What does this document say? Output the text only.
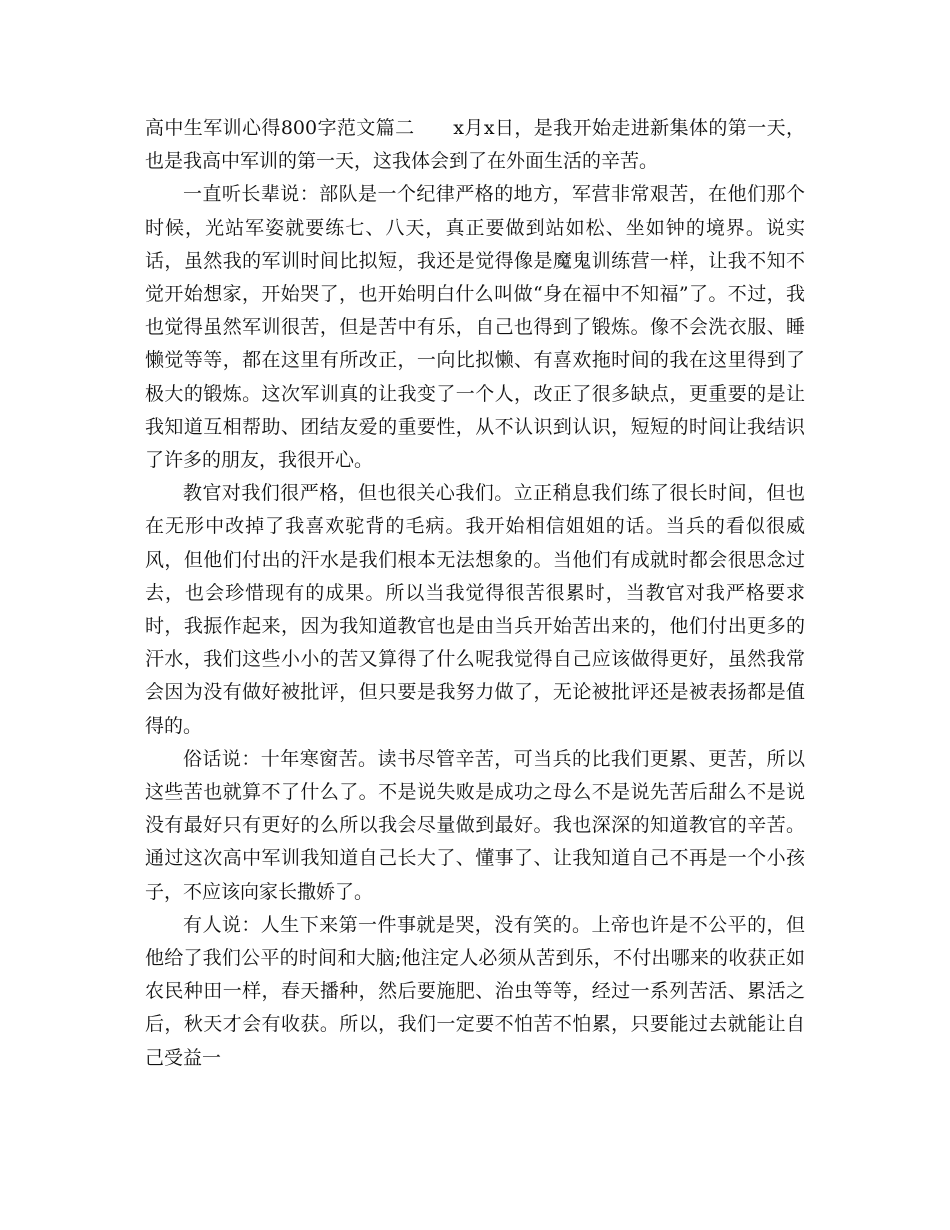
高中生军训心得800字范文篇二　　x月x日，是我开始走进新集体的第一天，也是我高中军训的第一天，这我体会到了在外面生活的辛苦。

一直听长辈说：部队是一个纪律严格的地方，军营非常艰苦，在他们那个时候，光站军姿就要练七、八天，真正要做到站如松、坐如钟的境界。说实话，虽然我的军训时间比拟短，我还是觉得像是魔鬼训练营一样，让我不知不觉开始想家，开始哭了，也开始明白什么叫做“身在福中不知福”了。不过，我也觉得虽然军训很苦，但是苦中有乐，自己也得到了锻炼。像不会洗衣服、睡懒觉等等，都在这里有所改正，一向比拟懒、有喜欢拖时间的我在这里得到了极大的锻炼。这次军训真的让我变了一个人，改正了很多缺点，更重要的是让我知道互相帮助、团结友爱的重要性，从不认识到认识，短短的时间让我结识了许多的朋友，我很开心。

教官对我们很严格，但也很关心我们。立正稍息我们练了很长时间，但也在无形中改掉了我喜欢驼背的毛病。我开始相信姐姐的话。当兵的看似很威风，但他们付出的汗水是我们根本无法想象的。当他们有成就时都会很思念过去，也会珍惜现有的成果。所以当我觉得很苦很累时，当教官对我严格要求时，我振作起来，因为我知道教官也是由当兵开始苦出来的，他们付出更多的汗水，我们这些小小的苦又算得了什么呢我觉得自己应该做得更好，虽然我常会因为没有做好被批评，但只要是我努力做了，无论被批评还是被表扬都是值得的。

俗话说：十年寒窗苦。读书尽管辛苦，可当兵的比我们更累、更苦，所以这些苦也就算不了什么了。不是说失败是成功之母么不是说先苦后甜么不是说没有最好只有更好的么所以我会尽量做到最好。我也深深的知道教官的辛苦。通过这次高中军训我知道自己长大了、懂事了、让我知道自己不再是一个小孩子，不应该向家长撒娇了。

有人说：人生下来第一件事就是哭，没有笑的。上帝也许是不公平的，但他给了我们公平的时间和大脑;他注定人必须从苦到乐，不付出哪来的收获正如农民种田一样，春天播种，然后要施肥、治虫等等，经过一系列苦活、累活之后，秋天才会有收获。所以，我们一定要不怕苦不怕累，只要能过去就能让自己受益一
